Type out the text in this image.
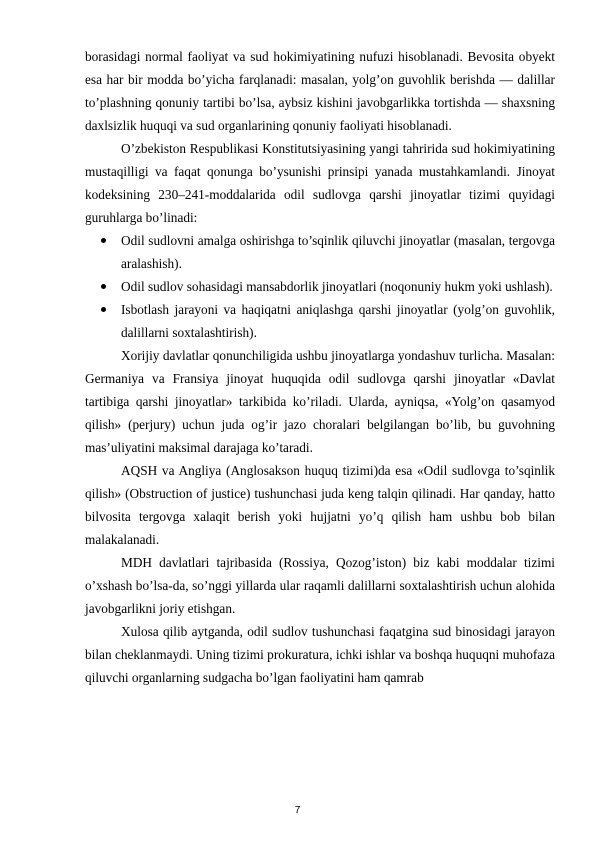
borasidagi normal faoliyat va sud hokimiyatining nufuzi hisoblanadi. Bevosita obyekt esa har bir modda bo’yicha farqlanadi: masalan, yolg’on guvohlik berishda — dalillar to’plashning qonuniy tartibi bo’lsa, aybsiz kishini javobgarlikka tortishda — shaxsning daxlsizlik huquqi va sud organlarining qonuniy faoliyati hisoblanadi.

O’zbekiston Respublikasi Konstitutsiyasining yangi tahririda sud hokimiyatining mustaqilligi va faqat qonunga bo’ysunishi prinsipi yanada mustahkamlandi. Jinoyat kodeksining 230–241-moddalarida odil sudlovga qarshi jinoyatlar tizimi quyidagi guruhlarga bo’linadi:

Odil sudlovni amalga oshirishga to’sqinlik qiluvchi jinoyatlar (masalan, tergovga aralashish).
Odil sudlov sohasidagi mansabdorlik jinoyatlari (noqonuniy hukm yoki ushlash).
Isbotlash jarayoni va haqiqatni aniqlashga qarshi jinoyatlar (yolg’on guvohlik, dalillarni soxtalashtirish).

Xorijiy davlatlar qonunchiligida ushbu jinoyatlarga yondashuv turlicha. Masalan: Germaniya va Fransiya jinoyat huquqida odil sudlovga qarshi jinoyatlar «Davlat tartibiga qarshi jinoyatlar» tarkibida ko’riladi. Ularda, ayniqsa, «Yolg’on qasamyod qilish» (perjury) uchun juda og’ir jazo choralari belgilangan bo’lib, bu guvohning mas’uliyatini maksimal darajaga ko’taradi.

AQSH va Angliya (Anglosakson huquq tizimi)da esa «Odil sudlovga to’sqinlik qilish» (Obstruction of justice) tushunchasi juda keng talqin qilinadi. Har qanday, hatto bilvosita tergovga xalaqit berish yoki hujjatni yo’q qilish ham ushbu bob bilan malakalanadi.

MDH davlatlari tajribasida (Rossiya, Qozog’iston) biz kabi moddalar tizimi o’xshash bo’lsa-da, so’nggi yillarda ular raqamli dalillarni soxtalashtirish uchun alohida javobgarlikni joriy etishgan.

Xulosa qilib aytganda, odil sudlov tushunchasi faqatgina sud binosidagi jarayon bilan cheklanmaydi. Uning tizimi prokuratura, ichki ishlar va boshqa huquqni muhofaza qiluvchi organlarning sudgacha bo’lgan faoliyatini ham qamrab

7
